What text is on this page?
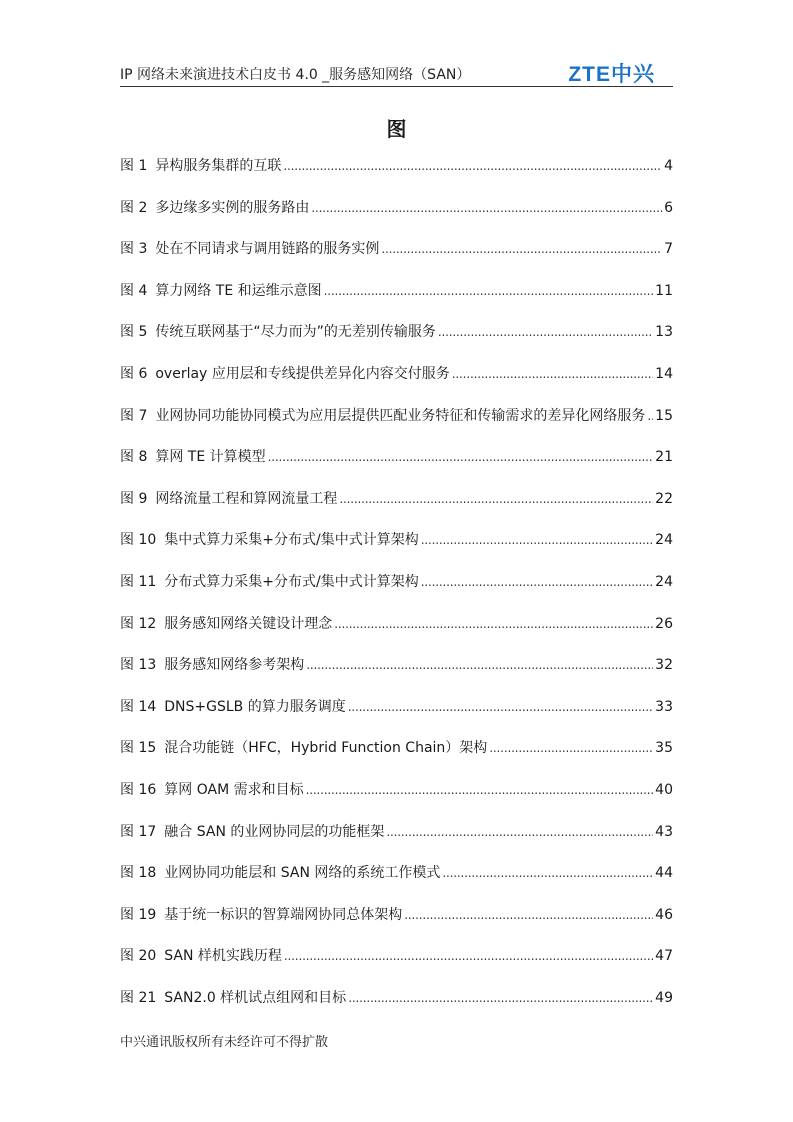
IP 网络未来演进技术白皮书 4.0 _服务感知网络（SAN）	ZTE中兴
图
图 1 异构服务集群的互联 . . .	4
图 2 多边缘多实例的服务路由 . . .	6
图 3 处在不同请求与调用链路的服务实例 . . .	7
图 4 算力网络 TE 和运维示意图 . . .	11
图 5 传统互联网基于“尽力而为”的无差别传输服务 . . .	13
图 6 overlay 应用层和专线提供差异化内容交付服务 . . .	14
图 7 业网协同功能协同模式为应用层提供匹配业务特征和传输需求的差异化网络服务 . . . 15
图 8 算网 TE 计算模型 . . .	21
图 9 网络流量工程和算网流量工程 . . .	22
图 10 集中式算力采集+分布式/集中式计算架构 . . .	24
图 11 分布式算力采集+分布式/集中式计算架构 . . .	24
图 12 服务感知网络关键设计理念 . . .	26
图 13 服务感知网络参考架构 . . .	32
图 14 DNS+GSLB 的算力服务调度 . . .	33
图 15 混合功能链（HFC，Hybrid Function Chain）架构 . . .	35
图 16 算网 OAM 需求和目标 . . .	40
图 17 融合 SAN 的业网协同层的功能框架 . . .	43
图 18 业网协同功能层和 SAN 网络的系统工作模式 . . .	44
图 19 基于统一标识的智算端网协同总体架构 . . .	46
图 20 SAN 样机实践历程 . . .	47
图 21 SAN2.0 样机试点组网和目标 . . .	49
中兴通讯版权所有未经许可不得扩散
